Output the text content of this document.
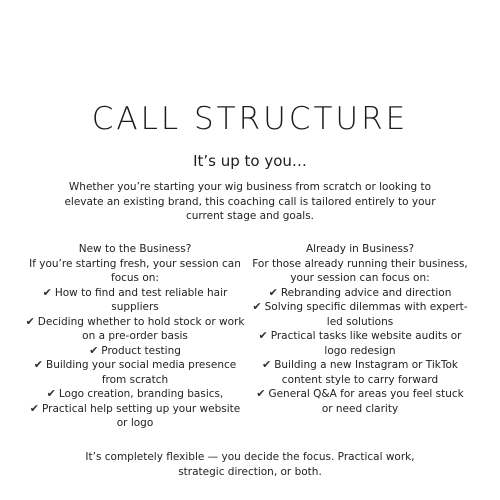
CALL STRUCTURE

It’s up to you…

Whether you’re starting your wig business from scratch or looking to elevate an existing brand, this coaching call is tailored entirely to your current stage and goals.

New to the Business?

If you’re starting fresh, your session can focus on:

✔ How to find and test reliable hair suppliers
✔ Deciding whether to hold stock or work on a pre-order basis
✔ Product testing
✔ Building your social media presence from scratch
✔ Logo creation, branding basics,
✔ Practical help setting up your website or logo

Already in Business?

For those already running their business, your session can focus on:

✔ Rebranding advice and direction
✔ Solving specific dilemmas with expert-led solutions
✔ Practical tasks like website audits or logo redesign
✔ Building a new Instagram or TikTok content style to carry forward
✔ General Q&A for areas you feel stuck or need clarity

It’s completely flexible — you decide the focus. Practical work, strategic direction, or both.
